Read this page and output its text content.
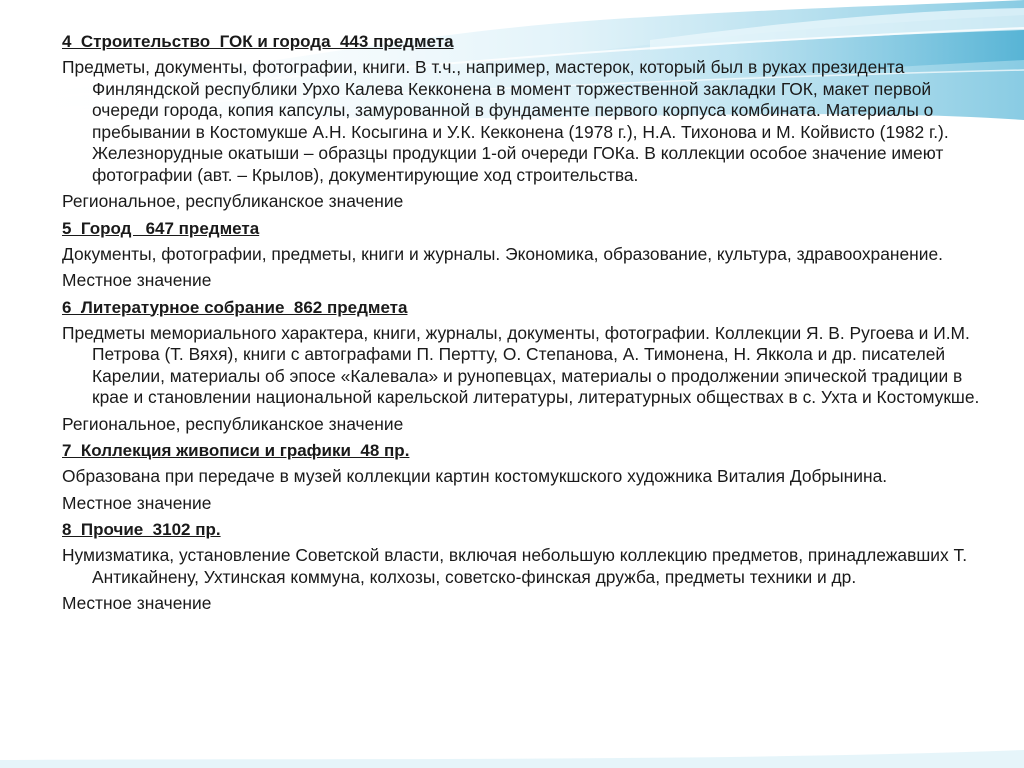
4  Строительство  ГОК и города  443 предмета
Предметы, документы, фотографии, книги. В т.ч., например, мастерок, который был в руках президента Финляндской республики Урхо Калева Кекконена в момент торжественной закладки ГОК, макет первой очереди города, копия капсулы, замурованной в фундаменте первого корпуса комбината. Материалы о пребывании в Костомукше А.Н. Косыгина и У.К. Кекконена (1978 г.), Н.А. Тихонова и М. Койвисто (1982 г.). Железнорудные окатыши – образцы продукции 1-ой очереди ГОКа. В коллекции особое значение имеют фотографии (авт. – Крылов), документирующие ход строительства.
Региональное, республиканское значение
5  Город   647 предмета
Документы, фотографии, предметы, книги и журналы. Экономика, образование, культура, здравоохранение.
Местное значение
6  Литературное собрание  862 предмета
Предметы мемориального характера, книги, журналы, документы, фотографии. Коллекции Я. В. Ругоева и И.М. Петрова (Т. Вяхя), книги с автографами П. Пертту, О. Степанова, А. Тимонена, Н. Яккола и др. писателей Карелии, материалы об эпосе «Калевала» и рунопевцах, материалы о продолжении эпической традиции в крае и становлении национальной карельской литературы, литературных обществах в с. Ухта и Костомукше.
Региональное, республиканское значение
7  Коллекция живописи и графики  48 пр.
Образована при передаче в музей коллекции картин костомукшского художника Виталия Добрынина.
Местное значение
8  Прочие  3102 пр.
Нумизматика, установление Советской власти, включая небольшую коллекцию предметов, принадлежавших Т. Антикайнену, Ухтинская коммуна, колхозы, советско-финская дружба, предметы техники и др.
Местное значение
